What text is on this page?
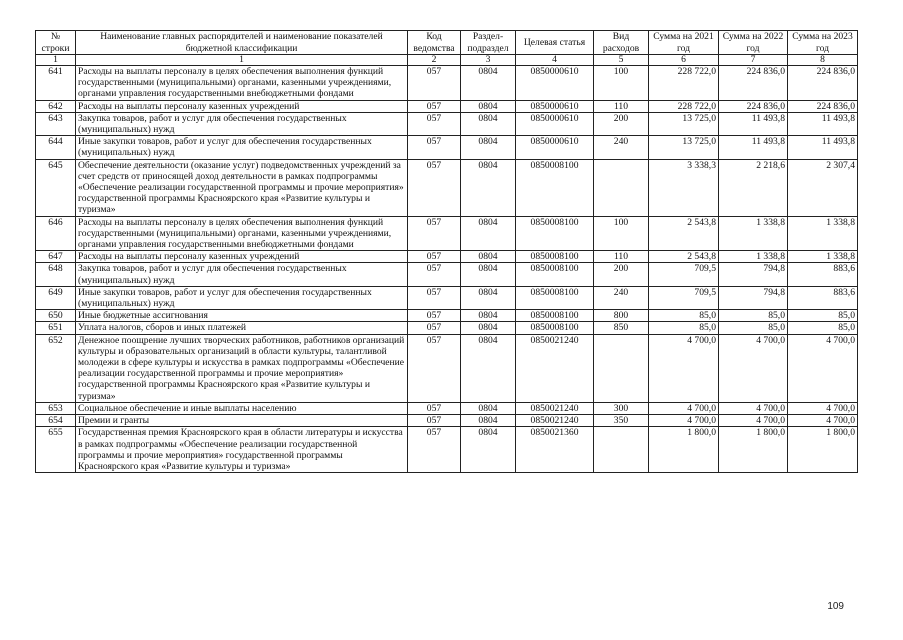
№ строки	Наименование главных распорядителей и наименование показателей бюджетной классификации	Код ведомства	Раздел-подраздел	Целевая статья	Вид расходов	Сумма на 2021 год	Сумма на 2022 год	Сумма на 2023 год
1	1	2	3	4	5	6	7	8
641	Расходы на выплаты персоналу в целях обеспечения выполнения функций государственными (муниципальными) органами, казенными учреждениями, органами управления государственными внебюджетными фондами	057	0804	0850000610	100	228 722,0	224 836,0	224 836,0
642	Расходы на выплаты персоналу казенных учреждений	057	0804	0850000610	110	228 722,0	224 836,0	224 836,0
643	Закупка товаров, работ и услуг для обеспечения государственных (муниципальных) нужд	057	0804	0850000610	200	13 725,0	11 493,8	11 493,8
644	Иные закупки товаров, работ и услуг для обеспечения государственных (муниципальных) нужд	057	0804	0850000610	240	13 725,0	11 493,8	11 493,8
645	Обеспечение деятельности (оказание услуг) подведомственных учреждений за счет средств от приносящей доход деятельности в рамках подпрограммы «Обеспечение реализации государственной программы и прочие мероприятия» государственной программы Красноярского края «Развитие культуры и туризма»	057	0804	0850008100		3 338,3	2 218,6	2 307,4
646	Расходы на выплаты персоналу в целях обеспечения выполнения функций государственными (муниципальными) органами, казенными учреждениями, органами управления государственными внебюджетными фондами	057	0804	0850008100	100	2 543,8	1 338,8	1 338,8
647	Расходы на выплаты персоналу казенных учреждений	057	0804	0850008100	110	2 543,8	1 338,8	1 338,8
648	Закупка товаров, работ и услуг для обеспечения государственных (муниципальных) нужд	057	0804	0850008100	200	709,5	794,8	883,6
649	Иные закупки товаров, работ и услуг для обеспечения государственных (муниципальных) нужд	057	0804	0850008100	240	709,5	794,8	883,6
650	Иные бюджетные ассигнования	057	0804	0850008100	800	85,0	85,0	85,0
651	Уплата налогов, сборов и иных платежей	057	0804	0850008100	850	85,0	85,0	85,0
652	Денежное поощрение лучших творческих работников, работников организаций культуры и образовательных организаций в области культуры, талантливой молодежи в сфере культуры и искусства в рамках подпрограммы «Обеспечение реализации государственной программы и прочие мероприятия» государственной программы Красноярского края «Развитие культуры и туризма»	057	0804	0850021240		4 700,0	4 700,0	4 700,0
653	Социальное обеспечение и иные выплаты населению	057	0804	0850021240	300	4 700,0	4 700,0	4 700,0
654	Премии и гранты	057	0804	0850021240	350	4 700,0	4 700,0	4 700,0
655	Государственная премия Красноярского края в области литературы и искусства в рамках подпрограммы «Обеспечение реализации государственной программы и прочие мероприятия» государственной программы Красноярского края «Развитие культуры и туризма»	057	0804	0850021360		1 800,0	1 800,0	1 800,0
109
